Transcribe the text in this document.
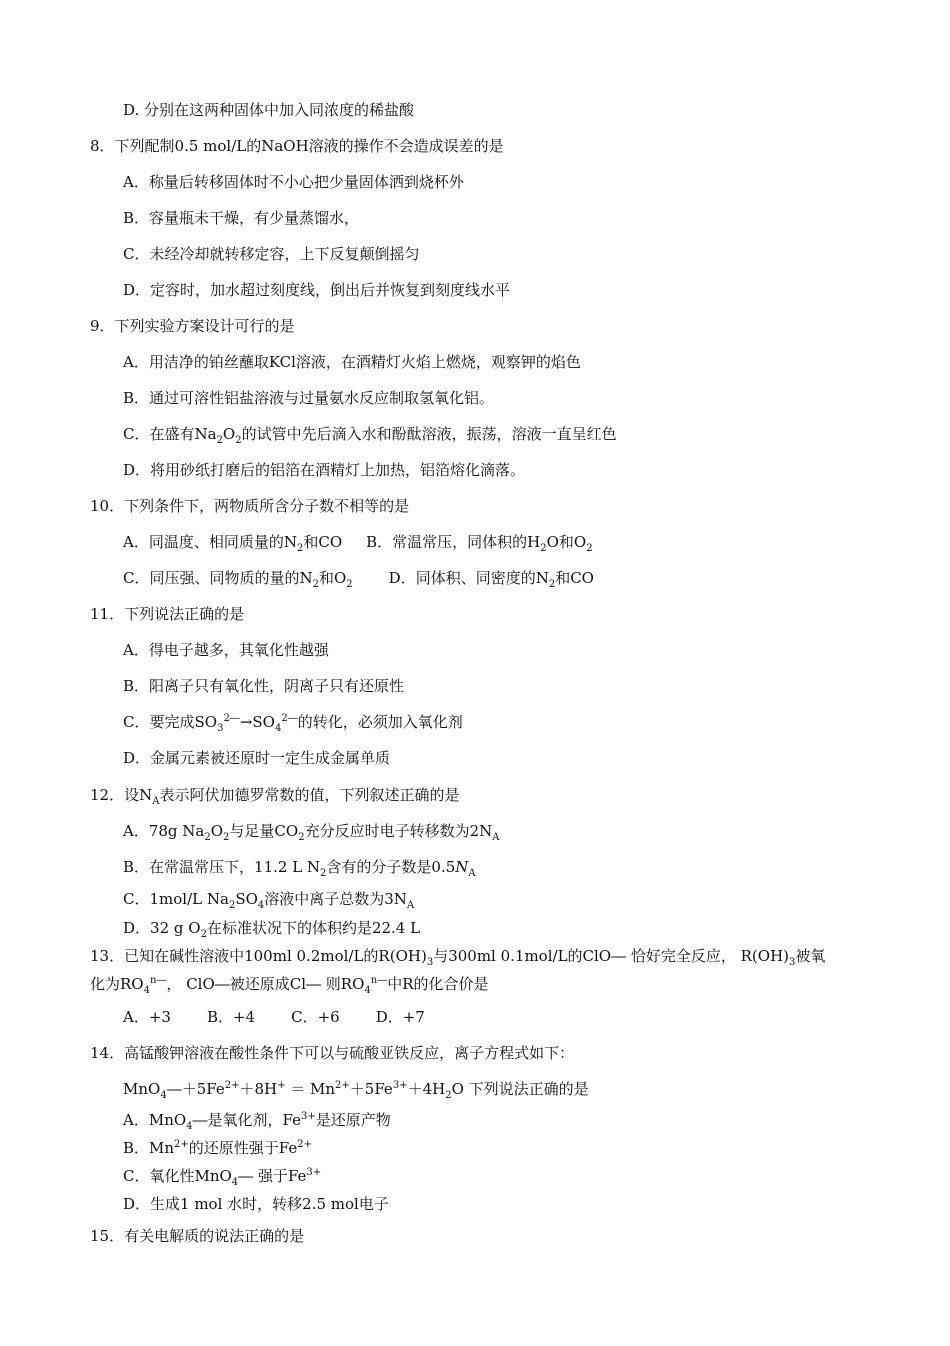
D. 分别在这两种固体中加入同浓度的稀盐酸
8．下列配制0.5 mol/L的NaOH溶液的操作不会造成误差的是
A．称量后转移固体时不小心把少量固体洒到烧杯外
B．容量瓶未干燥，有少量蒸馏水，
C．未经冷却就转移定容，上下反复颠倒摇匀
D．定容时，加水超过刻度线，倒出后并恢复到刻度线水平
9．下列实验方案设计可行的是
A．用洁净的铂丝蘸取KCl溶液，在酒精灯火焰上燃烧，观察钾的焰色
B．通过可溶性铝盐溶液与过量氨水反应制取氢氧化铝。
C．在盛有$Na_2O_2$的试管中先后滴入水和酚酞溶液，振荡，溶液一直呈红色
D．将用砂纸打磨后的铝箔在酒精灯上加热，铝箔熔化滴落。
10．下列条件下，两物质所含分子数不相等的是
A．同温度、相同质量的$N_2$和CO B．常温常压，同体积的$H_2O$和$O_2$
C．同压强、同物质的量的$N_2$和$O_2$ D．同体积、同密度的$N_2$和CO
11．下列说法正确的是
A．得电子越多，其氧化性越强
B．阳离子只有氧化性，阴离子只有还原性
C．要完成$SO_3^{2―}\to SO_4^{2―}$的转化，必须加入氧化剂
D．金属元素被还原时一定生成金属单质
12．设$N_A$表示阿伏加德罗常数的值，下列叙述正确的是
A．78g $Na_2O_2$与足量$CO_2$充分反应时电子转移数为$2N_A$
B．在常温常压下，11.2 L $N_2$含有的分子数是$0.5N_A$
C．1mol/L $Na_2SO_4$溶液中离子总数为$3N_A$
D．32 g $O_2$在标准状况下的体积约是22.4 L
13．已知在碱性溶液中100ml 0.2mol/L的$R(OH)_3$与300ml 0.1mol/L的ClO― 恰好完全反应， $R(OH)_3$被氧
化为$RO_4^{n―}$， ClO―被还原成Cl― 则$RO_4^{n―}$中R的化合价是
A．+3 B．+4 C．+6 D．+7
14．高锰酸钾溶液在酸性条件下可以与硫酸亚铁反应，离子方程式如下：
$MnO_4―+5Fe^{2+}+8H^+ = Mn^{2+}+5Fe^{3+}+4H_2O$ 下列说法正确的是
A．MnO$_4$―是氧化剂，$Fe^{3+}$是还原产物
B．$Mn^{2+}$的还原性强于$Fe^{2+}$
C．氧化性MnO$_4$― 强于$Fe^{3+}$
D．生成1 mol 水时，转移2.5 mol电子
15．有关电解质的说法正确的是
